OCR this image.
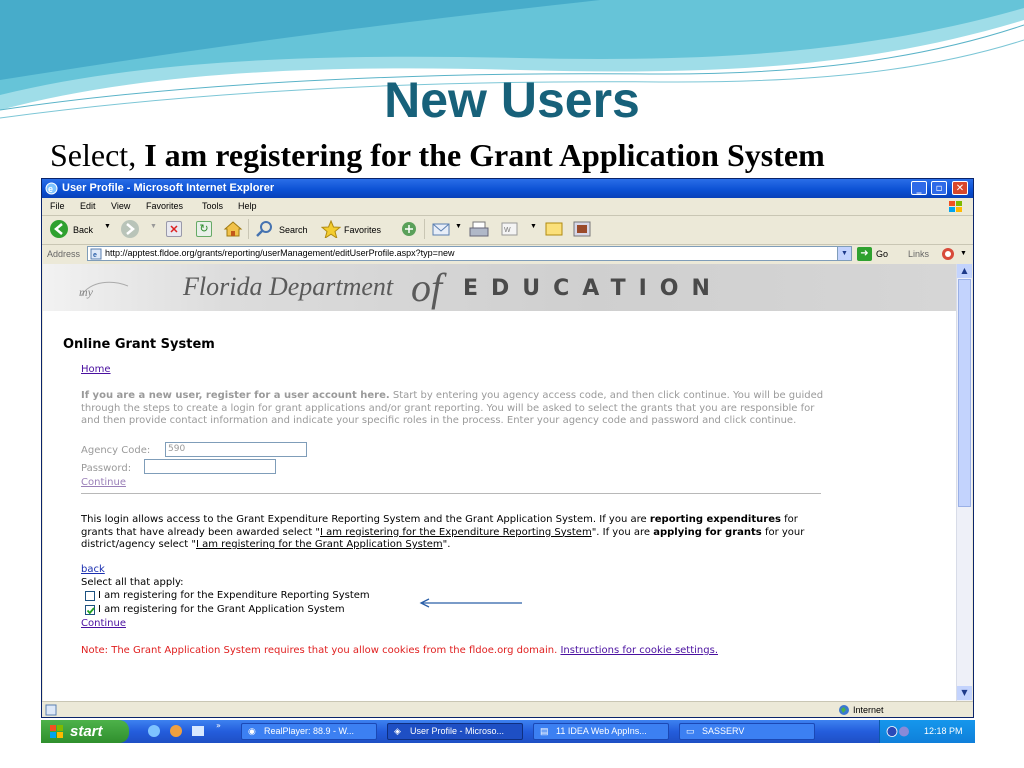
New Users
Select, I am registering for the Grant Application System
e User Profile - Microsoft Internet Explorer	_	▫	✕
File Edit View Favorites Tools Help
Back ▼	▼	✕	↻	Search	Favorites	▼
W
▼
Address e http://apptest.fldoe.org/grants/reporting/userManagement/editUserProfile.aspx?typ=new	▼	➜ Go Links	▼
my	Florida Department of EDUCATION
Online Grant System
Home
If you are a new user, register for a user account here. Start by entering you agency access code, and then click continue. You will be guided through the steps to create a login for grant applications and/or grant reporting. You will be asked to select the grants that you are responsible for and then provide contact information and indicate your specific roles in the process. Enter your agency code and password and click continue.
Agency Code:	590
Password:
Continue
This login allows access to the Grant Expenditure Reporting System and the Grant Application System. If you are reporting expenditures for grants that have already been awarded select "I am registering for the Expenditure Reporting System". If you are applying for grants for your district/agency select "I am registering for the Grant Application System".
back
Select all that apply:
I am registering for the Expenditure Reporting System
I am registering for the Grant Application System
Continue
Note: The Grant Application System requires that you allow cookies from the fldoe.org domain. Instructions for cookie settings.
▲
▼
Internet
start	»
◉ RealPlayer: 88.9 - W...	◈ User Profile - Microso...	▤ 11 IDEA Web AppIns...	▭ SASSERV	12:18 PM
